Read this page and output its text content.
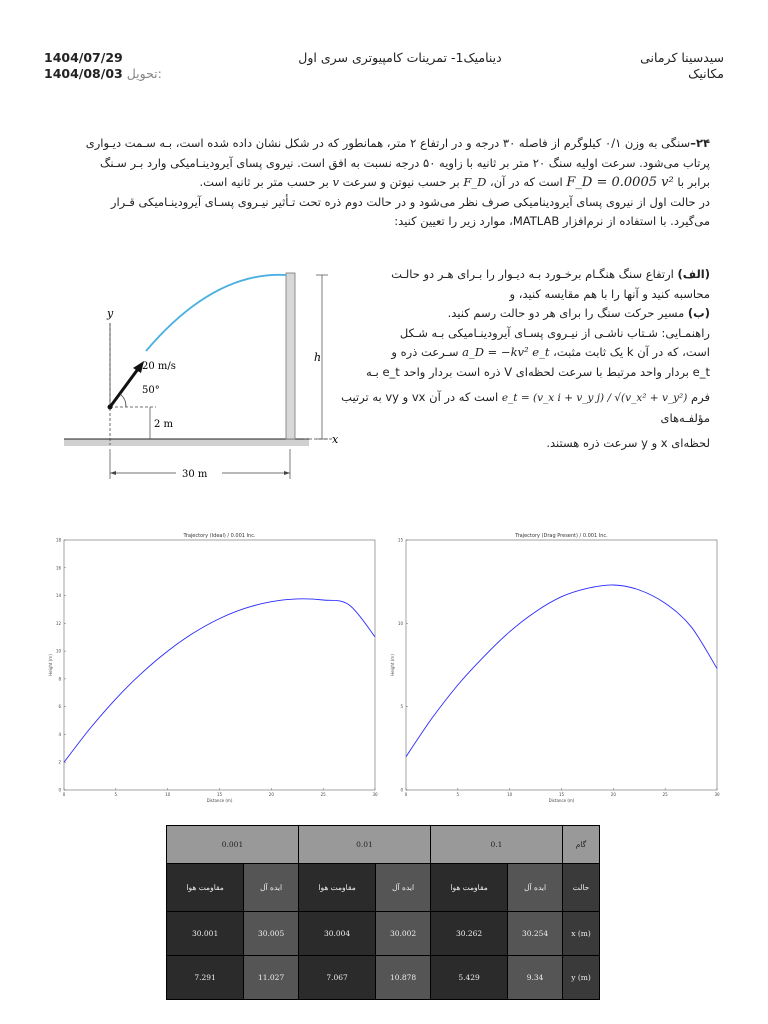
1404/07/29
1404/08/03 تحویل:
دینامیک1- تمرینات کامپیوتری سری اول	سیدسینا کرمانی
مکانیک
۲۴–سنگی به وزن ۰/۱ کیلوگرم از فاصله ۳۰ درجه و در ارتفاع ۲ متر، همانطور که در شکل نشان داده شده است، بـه سـمت دیـواری
پرتاب می‌شود. سرعت اولیه سنگ ۲۰ متر بر ثانیه با زاویه ۵۰ درجه نسبت به افق است. نیروی پسای آیرودینـامیکی وارد بـر سـنگ
برابر با F_D = 0.0005 v² است که در آن، F_D بر حسب نیوتن و سرعت v بر حسب متر بر ثانیه است.
در حالت اول از نیروی پسای آیرودینامیکی صرف نظر می‌شود و در حالت دوم ذره تحت تـأثیر نیـروی پسـای آیرودینـامیکی قـرار
می‌گیرد. با استفاده از نرم‌افزار MATLAB، موارد زیر را تعیین کنید:
(الف) ارتفاع سنگ هنگـام برخـورد بـه دیـوار را بـرای هـر دو حالـت
محاسبه کنید و آنها را با هم مقایسه کنید، و
(ب) مسیر حرکت سنگ را برای هر دو حالت رسم کنید.
راهنمـایی: شـتاب ناشـی از نیـروی پسـای آیرودینـامیکی بـه شـکل
است، که در آن k یک ثابت مثبت، a_D = −kv² e_t سـرعت ذره و
e_t بردار واحد مرتبط با سرعت لحظه‌ای V ذره است بردار واحد e_t بـه
فرم e_t = (v_x i + v_y j) / √(v_x² + v_y²) است که در آن vx و vy به ترتیب مؤلفـه‌های
لحظه‌ای x و y سرعت ذره هستند.
y
20 m/s
50°
2 m
h
x
30 m
Trajectory (Ideal) / 0.001 Inc.
0	5	10	15	20	25	30
0
2
4
6
8
10
12
14
16
18
Distance (m)
Height (m)
Trajectory (Drag Present) / 0.001 Inc.
0	5	10	15	20	25	30
0
5
10
15
Distance (m)
Height (m)
0.001		0.01		0.1		گام
مقاومت هوا	ایده آل	مقاومت هوا	ایده آل	مقاومت هوا	ایده آل	حالت
30.001	30.005	30.004	30.002	30.262	30.254	x (m)
7.291	11.027	7.067	10.878	5.429	9.34	y (m)
